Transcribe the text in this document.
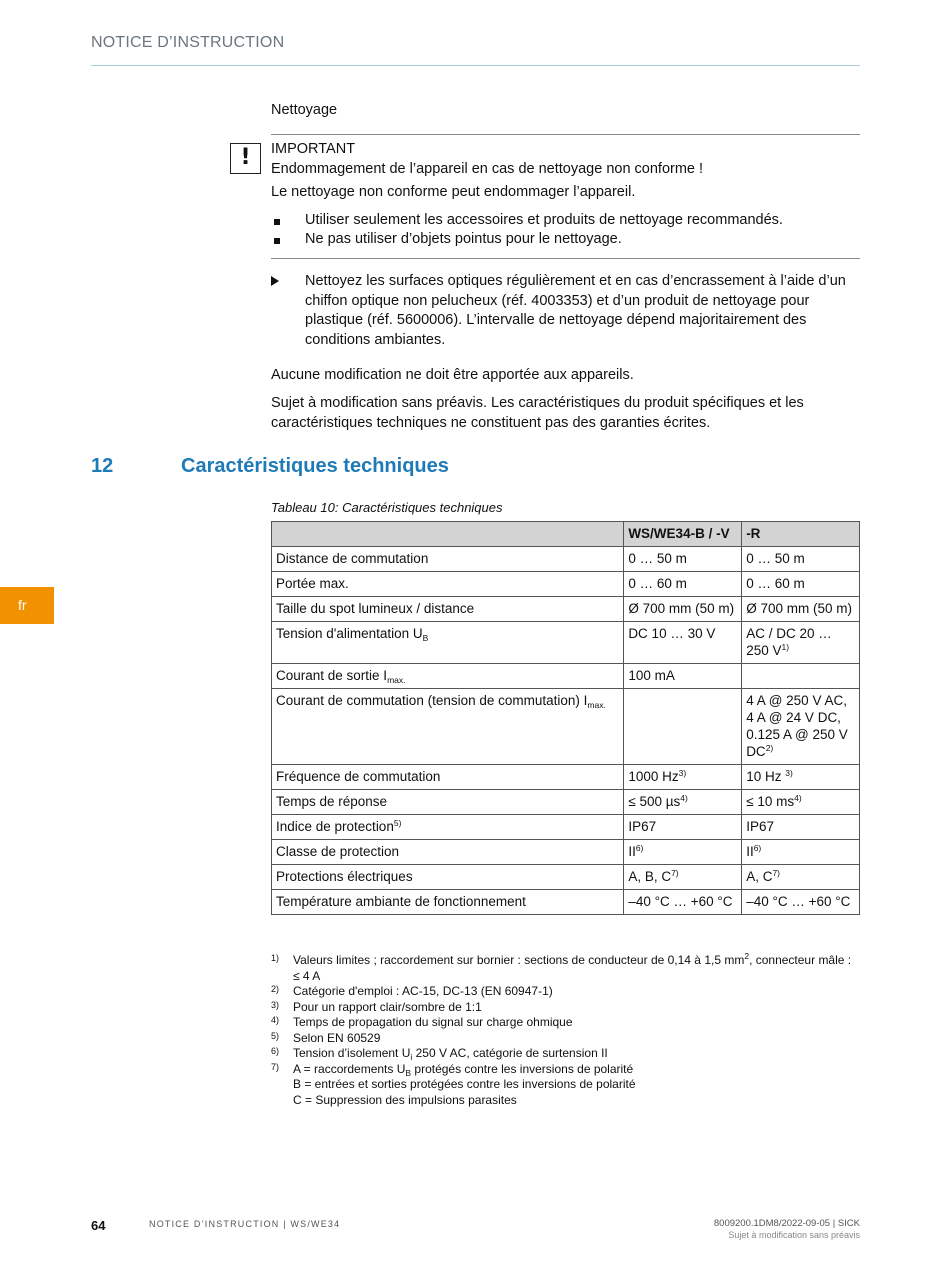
NOTICE D’INSTRUCTION
fr
Nettoyage
!	IMPORTANT
Endommagement de l’appareil en cas de nettoyage non conforme !
Le nettoyage non conforme peut endommager l’appareil.
Utiliser seulement les accessoires et produits de nettoyage recommandés.
Ne pas utiliser d’objets pointus pour le nettoyage.
Nettoyez les surfaces optiques régulièrement et en cas d’encrassement à l’aide d’un chiffon optique non pelucheux (réf. 4003353) et d’un produit de nettoyage pour plastique (réf. 5600006). L’intervalle de nettoyage dépend majoritairement des conditions ambiantes.
Aucune modification ne doit être apportée aux appareils.
Sujet à modification sans préavis. Les caractéristiques du produit spécifiques et les caractéristiques techniques ne constituent pas des garanties écrites.
12	Caractéristiques techniques
Tableau 10: Caractéristiques techniques
	WS/WE34-B / -V	-R
Distance de commutation	0 … 50 m	0 … 50 m
Portée max.	0 … 60 m	0 … 60 m
Taille du spot lumineux / distance	Ø 700 mm (50 m)	Ø 700 mm (50 m)
Tension d'alimentation $U_B$	DC 10 … 30 V	AC / DC 20 … 250 $V^{1)}$
Courant de sortie $I_{max.}$	100 mA	
Courant de commutation (tension de commutation) $I_{max.}$		4 A @ 250 V AC, 4 A @ 24 V DC, 0.125 A @ 250 V DC$^{2)}$
Fréquence de commutation	1000 Hz$^{3)}$	10 Hz $^{3)}$
Temps de réponse	≤ 500 µs$^{4)}$	≤ 10 $ms^{4)}$
Indice de protection$^{5)}$	IP67	IP67
Classe de protection	II$^{6)}$	II$^{6)}$
Protections électriques	A, B, $C^{7)}$	A, $C^{7)}$
Température ambiante de fonctionnement	–40 °C … +60 °C	–40 °C … +60 °C
1) Valeurs limites ; raccordement sur bornier : sections de conducteur de 0,14 à 1,5 $mm^2$, connecteur mâle : ≤ 4 A
2) Catégorie d'emploi : AC-15, DC-13 (EN 60947-1)
3) Pour un rapport clair/sombre de 1:1
4) Temps de propagation du signal sur charge ohmique
5) Selon EN 60529
6) Tension d’isolement $U_i$ 250 V AC, catégorie de surtension II
7) A = raccordements $U_B$ protégés contre les inversions de polarité
B = entrées et sorties protégées contre les inversions de polarité
C = Suppression des impulsions parasites
64	NOTICE D’INSTRUCTION | WS/WE34	8009200.1DM8/2022-09-05 | SICK
Sujet à modification sans préavis
